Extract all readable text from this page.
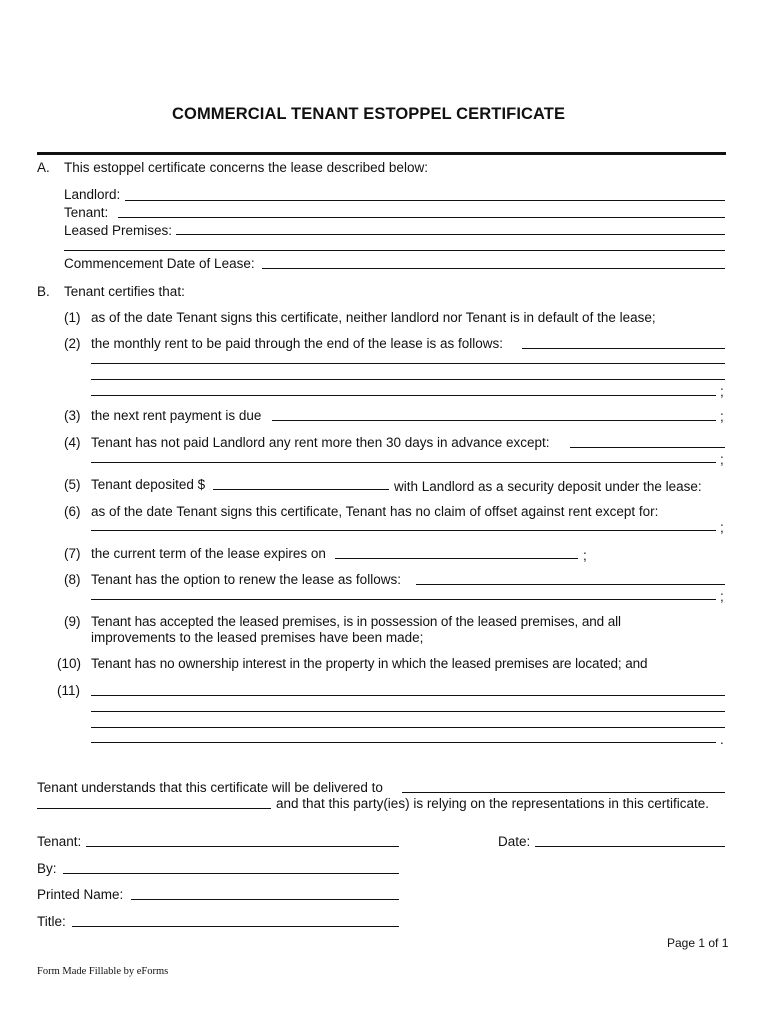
COMMERCIAL TENANT ESTOPPEL CERTIFICATE
A. This estoppel certificate concerns the lease described below:
Landlord:
Tenant:
Leased Premises:
Commencement Date of Lease:
B. Tenant certifies that:
(1) as of the date Tenant signs this certificate, neither landlord nor Tenant is in default of the lease;
(2) the monthly rent to be paid through the end of the lease is as follows:
;
(3) the next rent payment is due	;
(4) Tenant has not paid Landlord any rent more then 30 days in advance except:
;
(5) Tenant deposited $	with Landlord as a security deposit under the lease:
(6) as of the date Tenant signs this certificate, Tenant has no claim of offset against rent except for:
;
(7) the current term of the lease expires on	;
(8) Tenant has the option to renew the lease as follows:
;
(9) Tenant has accepted the leased premises, is in possession of the leased premises, and all
improvements to the leased premises have been made;
(10) Tenant has no ownership interest in the property in which the leased premises are located; and
(11)
.
Tenant understands that this certificate will be delivered to
and that this party(ies) is relying on the representations in this certificate.
Tenant:	Date:
By:
Printed Name:
Title:
Page 1 of 1
Form Made Fillable by eForms
